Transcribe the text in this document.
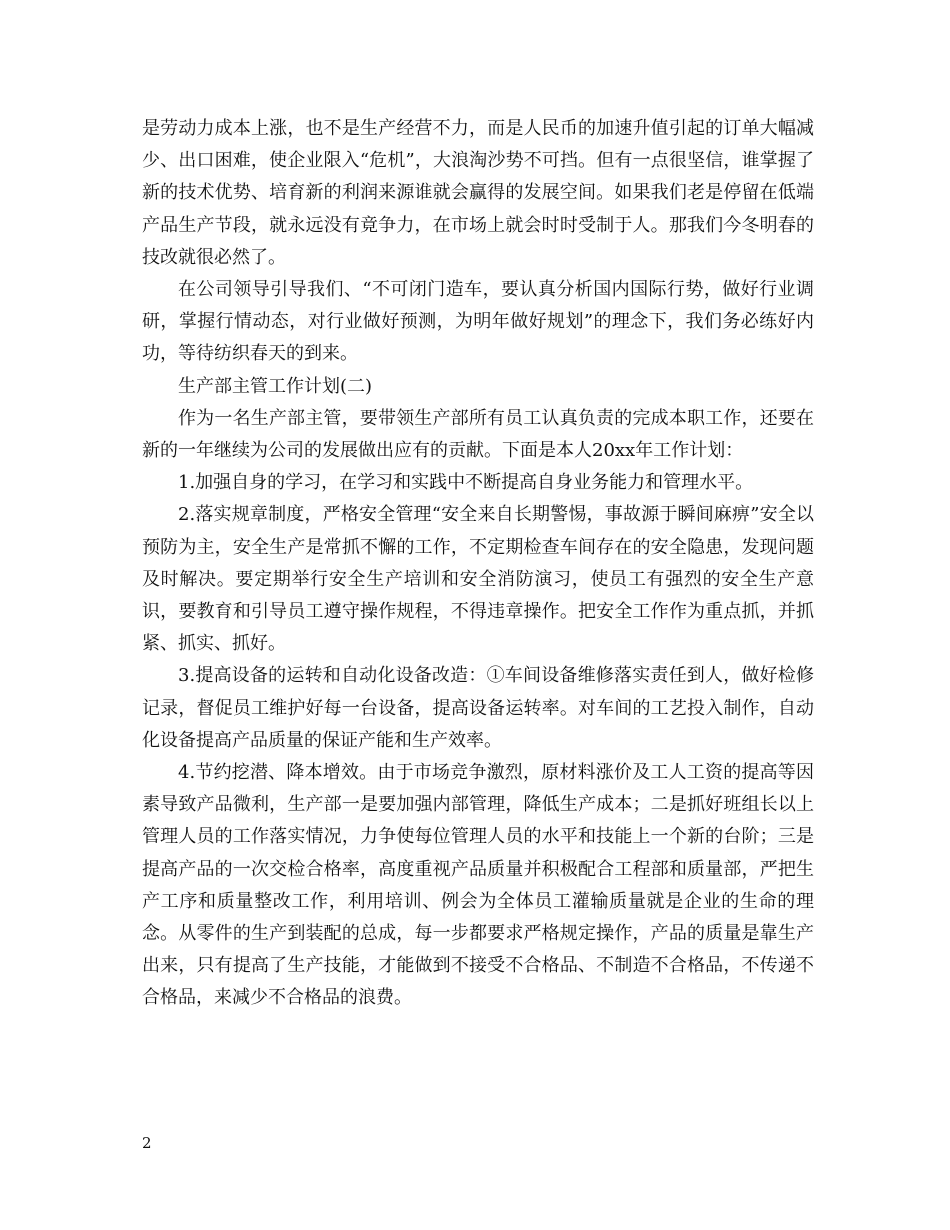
是劳动力成本上涨，也不是生产经营不力，而是人民币的加速升值引起的订单大幅减少、出口困难，使企业限入“危机”，大浪淘沙势不可挡。但有一点很坚信，谁掌握了新的技术优势、培育新的利润来源谁就会赢得的发展空间。如果我们老是停留在低端产品生产节段，就永远没有竟争力，在市场上就会时时受制于人。那我们今冬明春的技改就很必然了。

在公司领导引导我们、“不可闭门造车，要认真分析国内国际行势，做好行业调研，掌握行情动态，对行业做好预测，为明年做好规划”的理念下，我们务必练好内功，等待纺织春天的到来。

生产部主管工作计划(二)

作为一名生产部主管，要带领生产部所有员工认真负责的完成本职工作，还要在新的一年继续为公司的发展做出应有的贡献。下面是本人20xx年工作计划：

1.加强自身的学习，在学习和实践中不断提高自身业务能力和管理水平。

2.落实规章制度，严格安全管理“安全来自长期警惕，事故源于瞬间麻痹”安全以预防为主，安全生产是常抓不懈的工作，不定期检查车间存在的安全隐患，发现问题及时解决。要定期举行安全生产培训和安全消防演习，使员工有强烈的安全生产意识，要教育和引导员工遵守操作规程，不得违章操作。把安全工作作为重点抓，并抓紧、抓实、抓好。

3.提高设备的运转和自动化设备改造：①车间设备维修落实责任到人，做好检修记录，督促员工维护好每一台设备，提高设备运转率。对车间的工艺投入制作，自动化设备提高产品质量的保证产能和生产效率。

4.节约挖潜、降本增效。由于市场竞争激烈，原材料涨价及工人工资的提高等因素导致产品微利，生产部一是要加强内部管理，降低生产成本；二是抓好班组长以上管理人员的工作落实情况，力争使每位管理人员的水平和技能上一个新的台阶；三是提高产品的一次交检合格率，高度重视产品质量并积极配合工程部和质量部，严把生产工序和质量整改工作，利用培训、例会为全体员工灌输质量就是企业的生命的理念。从零件的生产到装配的总成，每一步都要求严格规定操作，产品的质量是靠生产出来，只有提高了生产技能，才能做到不接受不合格品、不制造不合格品，不传递不合格品，来减少不合格品的浪费。

2
